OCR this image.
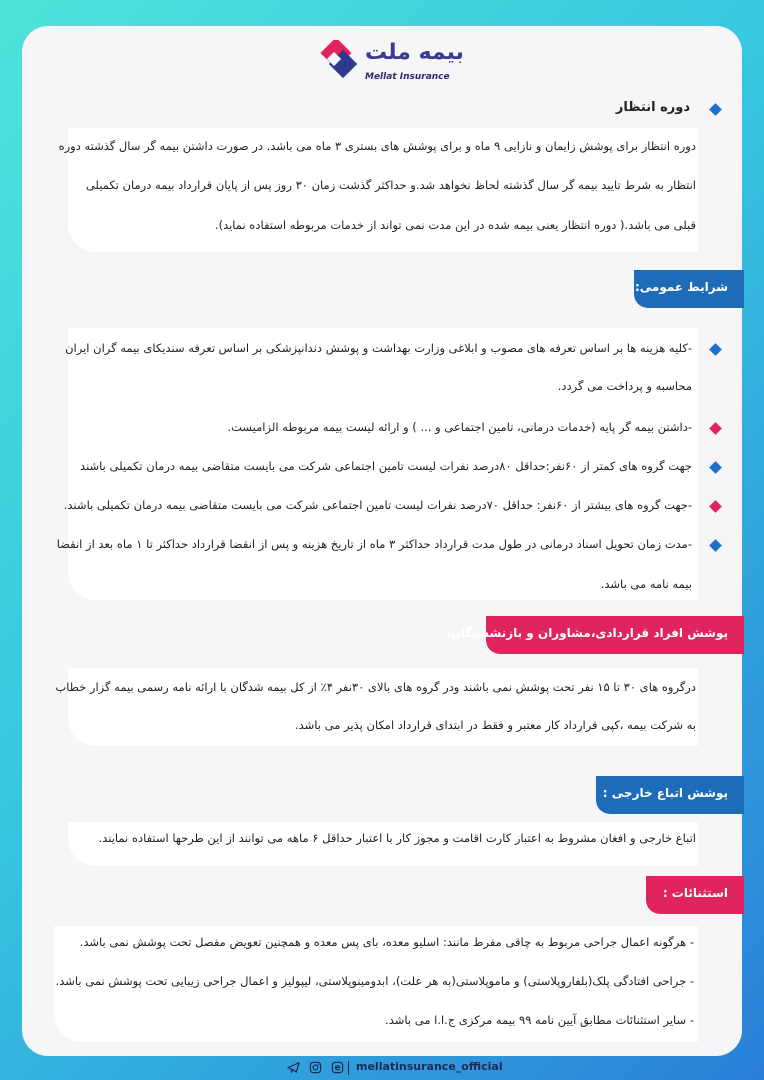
بیمه ملت
Mellat Insurance
دوره انتظار
دوره انتظار برای پوشش زایمان و نازایی ۹ ماه و برای پوشش های بستری ۳ ماه می باشد. در صورت داشتن بیمه گر سال گذشته دوره
انتظار به شرط تایید بیمه گر سال گذشته لحاظ نخواهد شد.و حداکثر گذشت زمان ۳۰ روز پس از پایان قرارداد بیمه درمان تکمیلی
قبلی می باشد.( دوره انتظار یعنی بیمه شده در این مدت نمی تواند از خدمات مربوطه استفاده نماید).
شرایط عمومی:
-کلیه هزینه ها بر اساس تعرفه های مصوب و ابلاغی وزارت بهداشت و پوشش دندانپزشکی بر اساس تعرفه سندیکای بیمه گران ایران
محاسبه و پرداخت می گردد.
-داشتن بیمه گر پایه (خدمات درمانی، تامین اجتماعی و ... ) و ارائه لیست بیمه مربوطه الزامیست.
جهت گروه های کمتر از ۶۰نفر:حداقل ۸۰درصد نفرات لیست تامین اجتماعی شرکت می بایست متقاضی بیمه درمان تکمیلی باشند
-جهت گروه های بیشتر از ۶۰نفر: حداقل ۷۰درصد نفرات لیست تامین اجتماعی شرکت می بایست متقاضی بیمه درمان تکمیلی باشند.
-مدت زمان تحویل اسناد درمانی در طول مدت قرارداد حداکثر ۳ ماه از تاریخ هزینه و پس از انقضا قرارداد حداکثر تا ۱ ماه بعد از انقضا
بیمه نامه می باشد.
پوشش افراد قراردادی،مشاوران و بازنشستگان:
درگروه های ۳۰ تا ۱۵ نفر تحت پوشش نمی باشند ودر گروه های بالای ۳۰نفر ۴٪ از کل بیمه شدگان با ارائه نامه رسمی بیمه گزار خطاب
به شرکت بیمه ،کپی قرارداد کار معتبر و فقط در ابتدای قرارداد امکان پذیر می باشد.
پوشش اتباع خارجی :
اتباع خارجی و افغان مشروط به اعتبار کارت اقامت و مجوز کار با اعتبار حداقل ۶ ماهه می توانند از این طرحها استفاده نمایند.
استثنائات :
- هرگونه اعمال جراحی مربوط به چاقی مفرط مانند: اسلیو معده، بای پس معده و همچنین تعویض مفصل تحت پوشش نمی باشد.
- جراحی افتادگی پلک(بلفاروپلاستی) و ماموپلاستی(به هر علت)، ابدومینوپلاستی، لیپولیز و اعمال جراحی زیبایی تحت پوشش نمی باشد.
- سایر استثنائات مطابق آیین نامه ۹۹ بیمه مرکزی ج.ا.ا می باشد.
mellatinsurance_official
